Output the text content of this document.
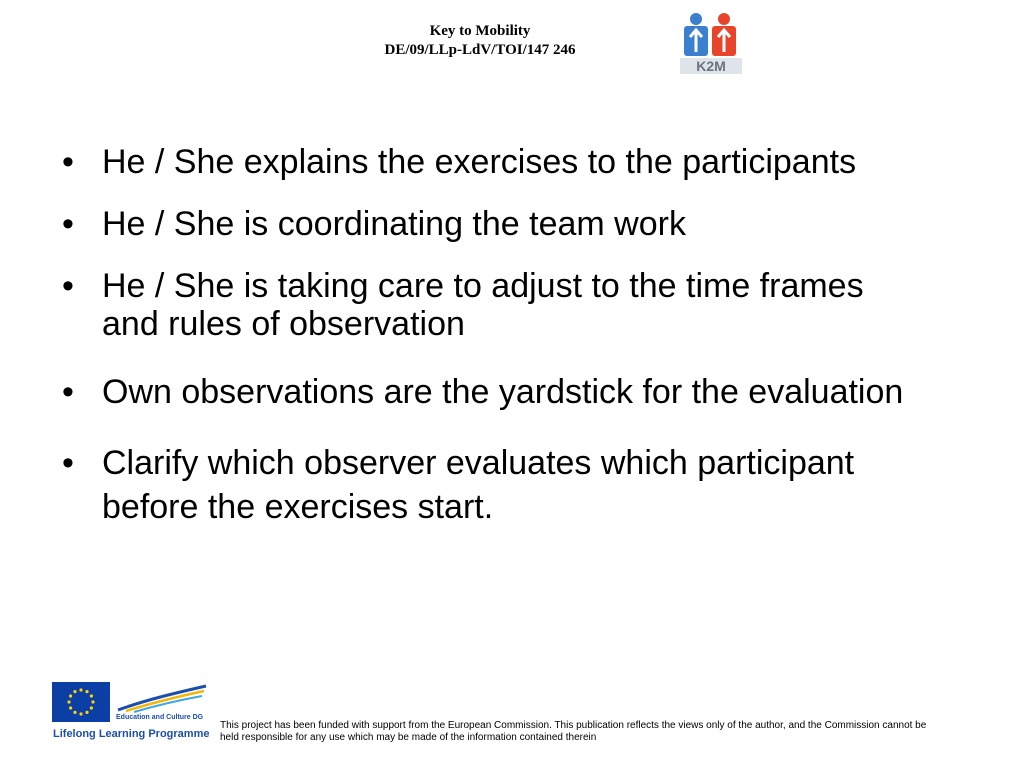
Key to Mobility
DE/09/LLp-LdV/TOI/147 246
K2M
• He / She explains the exercises to the participants
• He / She is coordinating the team work
• He / She is taking care to adjust to the time frames and rules of observation
• Own observations are the yardstick for the evaluation
• Clarify which observer evaluates which participant before the exercises start.
Education and Culture DG
Lifelong Learning Programme
This project has been funded with support from the European Commission. This publication reflects the views only of the author, and the Commission cannot be held responsible for any use which may be made of the information contained therein
